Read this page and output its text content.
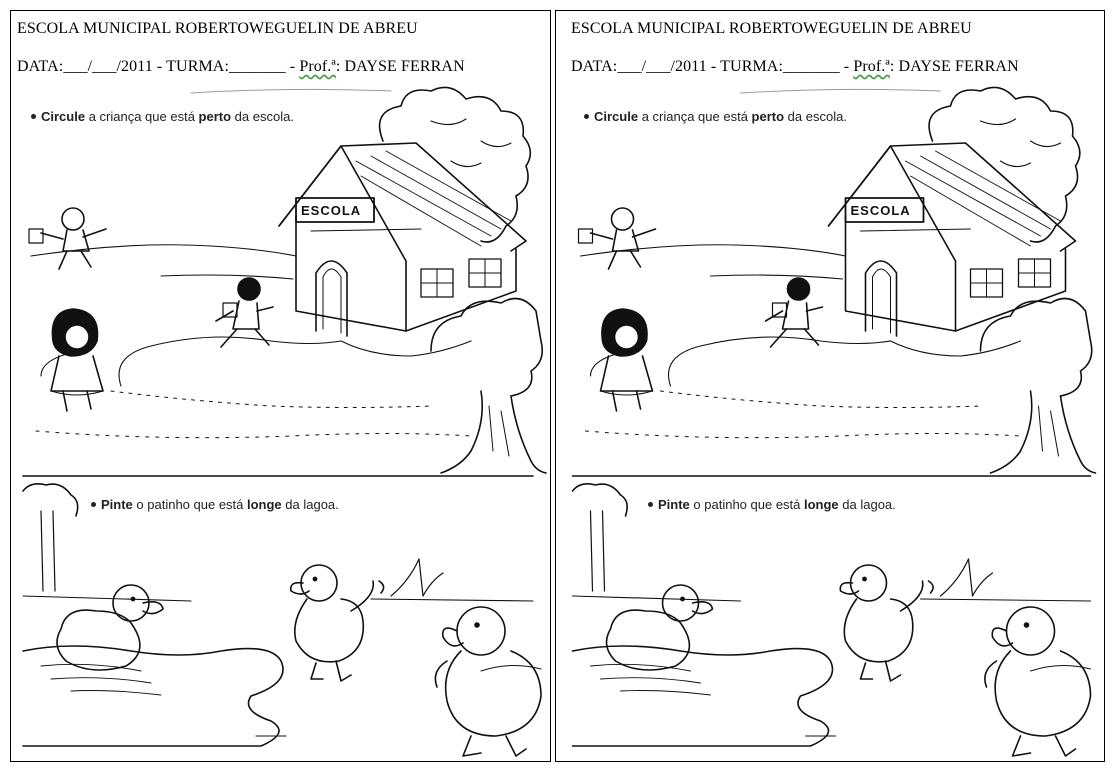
ESCOLA MUNICIPAL ROBERTOWEGUELIN DE ABREU
DATA:___/___/2011 - TURMA:_______ - Prof.ª: DAYSE FERRAN
ESCOLA
Circule a criança que está perto da escola.
Pinte o patinho que está longe da lagoa.
ESCOLA MUNICIPAL ROBERTOWEGUELIN DE ABREU
DATA:___/___/2011 - TURMA:_______ - Prof.ª: DAYSE FERRAN
ESCOLA
Circule a criança que está perto da escola.
Pinte o patinho que está longe da lagoa.
